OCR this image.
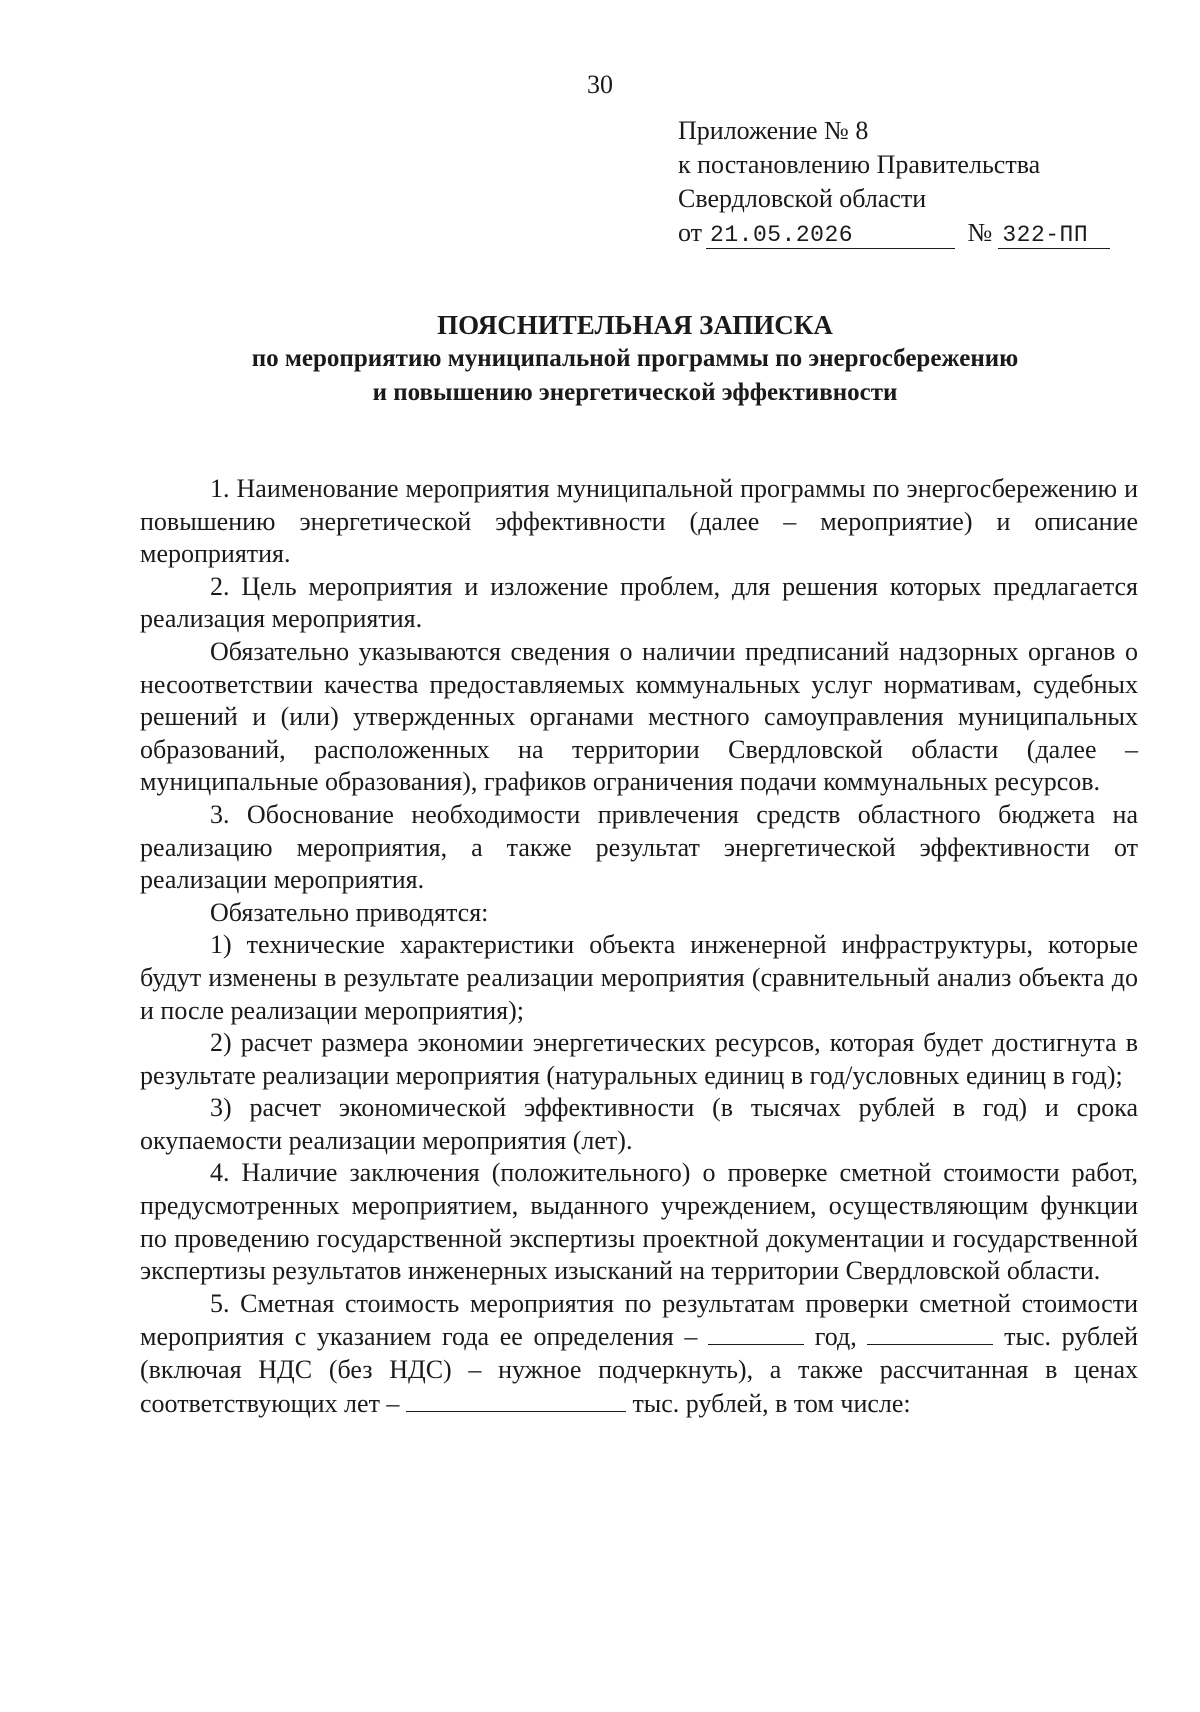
30
Приложение № 8
к постановлению Правительства
Свердловской области
от 21.05.2026	№ 322-ПП
ПОЯСНИТЕЛЬНАЯ ЗАПИСКА
по мероприятию муниципальной программы по энергосбережению
и повышению энергетической эффективности

1. Наименование мероприятия муниципальной программы по энергосбережению и повышению энергетической эффективности (далее – мероприятие) и описание мероприятия.

2. Цель мероприятия и изложение проблем, для решения которых предлагается реализация мероприятия.

Обязательно указываются сведения о наличии предписаний надзорных органов о несоответствии качества предоставляемых коммунальных услуг нормативам, судебных решений и (или) утвержденных органами местного самоуправления муниципальных образований, расположенных на территории Свердловской области (далее – муниципальные образования), графиков ограничения подачи коммунальных ресурсов.

3. Обоснование необходимости привлечения средств областного бюджета на реализацию мероприятия, а также результат энергетической эффективности от реализации мероприятия.

Обязательно приводятся:

1) технические характеристики объекта инженерной инфраструктуры, которые будут изменены в результате реализации мероприятия (сравнительный анализ объекта до и после реализации мероприятия);

2) расчет размера экономии энергетических ресурсов, которая будет достигнута в результате реализации мероприятия (натуральных единиц в год/условных единиц в год);

3) расчет экономической эффективности (в тысячах рублей в год) и срока окупаемости реализации мероприятия (лет).

4. Наличие заключения (положительного) о проверке сметной стоимости работ, предусмотренных мероприятием, выданного учреждением, осуществляющим функции по проведению государственной экспертизы проектной документации и государственной экспертизы результатов инженерных изысканий на территории Свердловской области.

5. Сметная стоимость мероприятия по результатам проверки сметной стоимости мероприятия с указанием года ее определения –	год,	тыс. рублей (включая НДС (без НДС) – нужное подчеркнуть), а также рассчитанная в ценах соответствующих лет –	тыс. рублей, в том числе:
